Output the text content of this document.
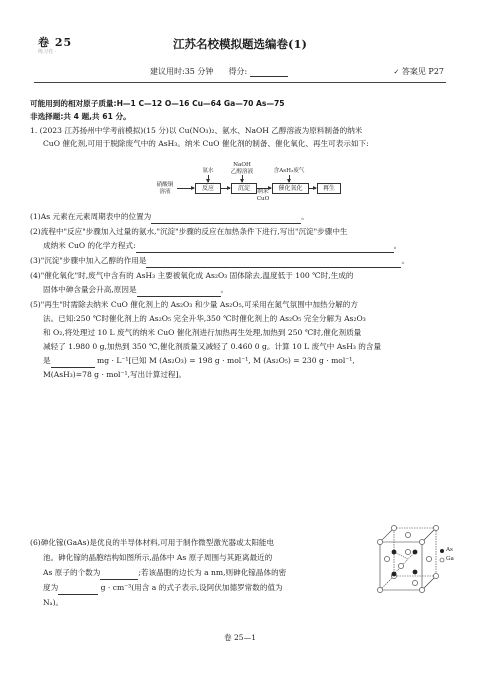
卷 25
练习卷 ·
江苏名校模拟题选编卷(1)
建议用时:35 分钟 得分:	✓ 答案见 P27
可能用到的相对原子质量:H—1 C—12 O—16 Cu—64 Ga—70 As—75
非选择题:共 4 题,共 61 分。
1. (2023 江苏扬州中学考前模拟)(15 分)以 Cu(NO₃)₂、氨水、NaOH 乙醇溶液为原料制备的纳米
CuO 催化剂,可用于脱除废气中的 AsH₃。纳米 CuO 催化剂的制备、催化氧化、再生可表示如下:
(1)As 元素在元素周期表中的位置为	。
(2)流程中"反应"步骤加入过量的氨水,"沉淀"步骤的反应在加热条件下进行,写出"沉淀"步骤中生
成纳米 CuO 的化学方程式:	。
(3)"沉淀"步骤中加入乙醇的作用是	。
(4)"催化氧化"时,废气中含有的 AsH₃ 主要被氧化成 As₂O₃ 固体除去,温度低于 100 ℃时,生成的
固体中砷含量会升高,原因是	。
(5)"再生"时需除去纳米 CuO 催化剂上的 As₂O₃ 和少量 As₂O₅,可采用在氮气氛围中加热分解的方
法。已知:250 ℃时催化剂上的 As₂O₅ 完全升华,350 ℃时催化剂上的 As₂O₅ 完全分解为 As₂O₃
和 O₂,将处理过 10 L 废气的纳米 CuO 催化剂进行加热再生处理,加热到 250 ℃时,催化剂质量
减轻了 1.980 0 g,加热到 350 ℃,催化剂质量又减轻了 0.460 0 g。计算 10 L 废气中 AsH₃ 的含量
是	mg · L⁻¹[已知 M (As₂O₃) = 198 g · mol⁻¹, M (As₂O₅) = 230 g · mol⁻¹,
M(AsH₃)=78 g · mol⁻¹,写出计算过程]。
(6)砷化镓(GaAs)是优良的半导体材料,可用于制作微型激光器或太阳能电
池。砷化镓的晶胞结构如图所示,晶体中 As 原子周围与其距离最近的
As 原子的个数为	;若该晶胞的边长为 a nm,则砷化镓晶体的密
度为	g · cm⁻³(用含 a 的式子表示,设阿伏加德罗常数的值为
Nₐ)。
硝酸铜
溶液
氨水
反应
NaOH
乙醇溶液
沉淀	纳米
CuO
含AsH₃废气
催化氧化	再生
As
Ga
卷 25—1
